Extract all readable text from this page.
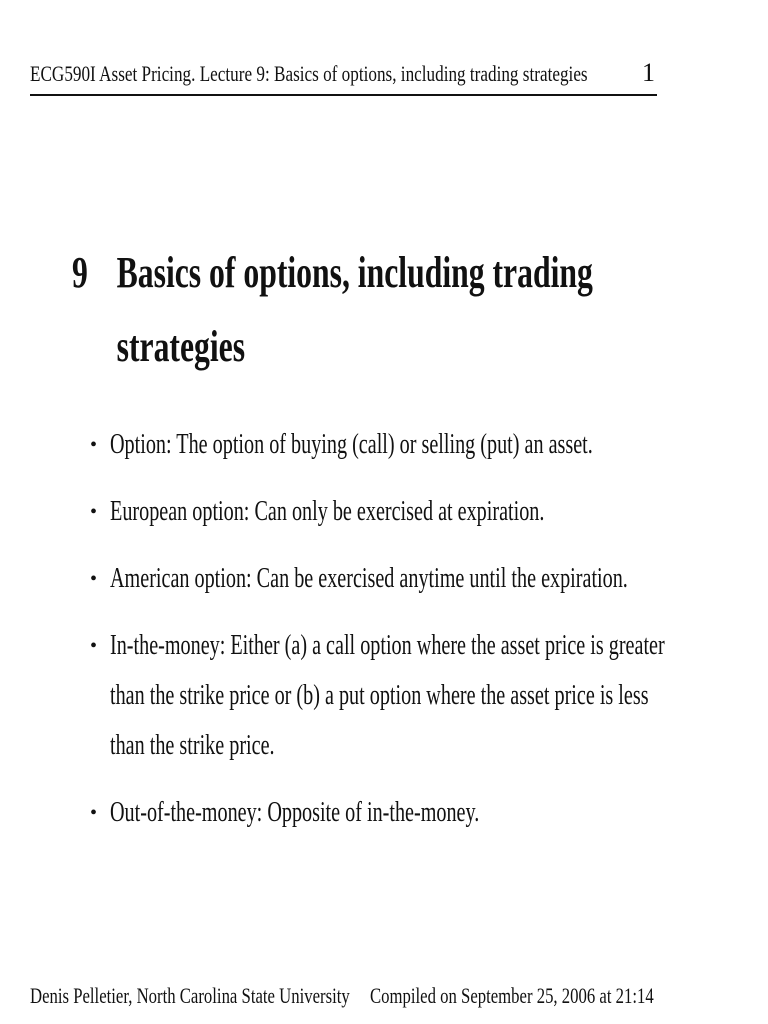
ECG590I Asset Pricing. Lecture 9: Basics of options, including trading strategies 1
9 Basics of options, including trading
strategies
• Option: The option of buying (call) or selling (put) an asset.
• European option: Can only be exercised at expiration.
• American option: Can be exercised anytime until the expiration.
• In-the-money: Either (a) a call option where the asset price is greater
than the strike price or (b) a put option where the asset price is less
than the strike price.
• Out-of-the-money: Opposite of in-the-money.
Denis Pelletier, North Carolina State University Compiled on September 25, 2006 at 21:14
